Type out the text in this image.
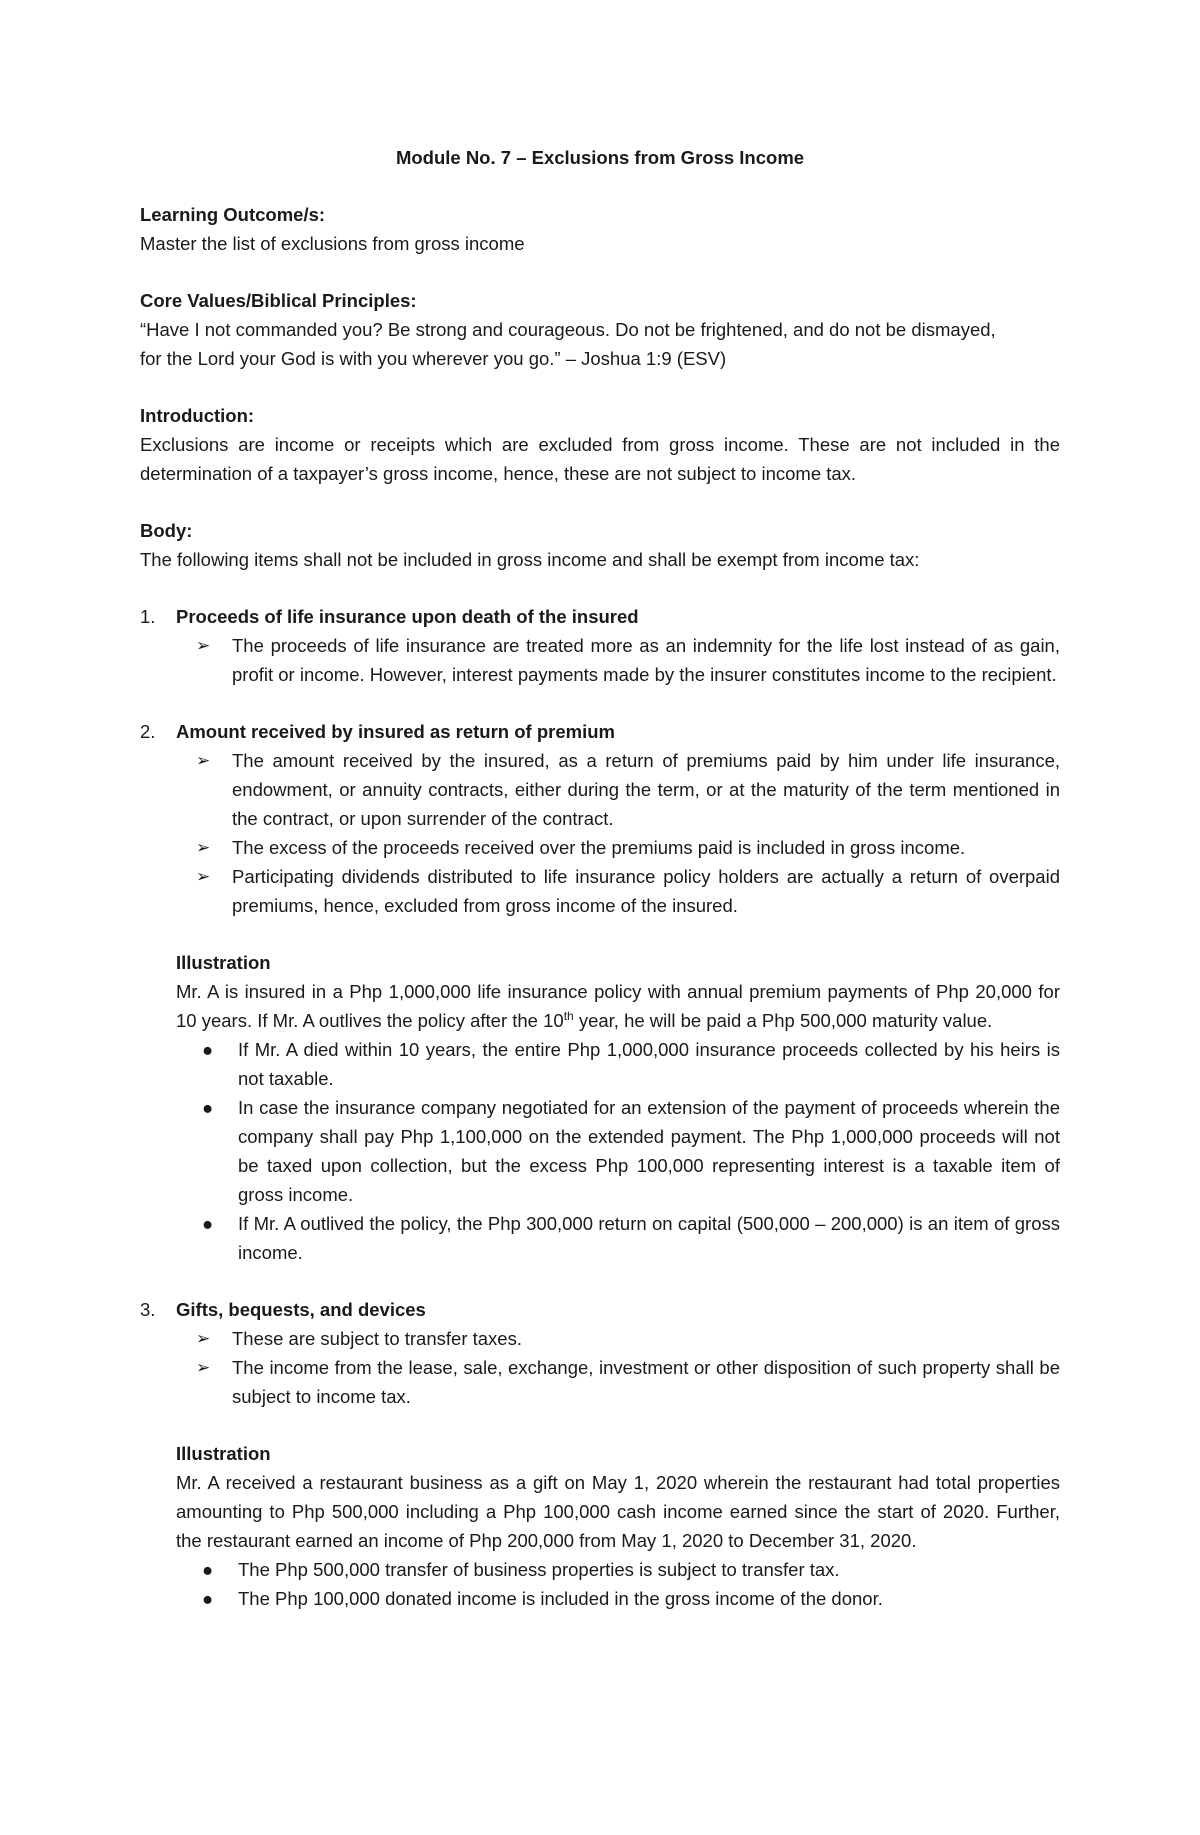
Module No. 7 – Exclusions from Gross Income

Learning Outcome/s:

Master the list of exclusions from gross income

Core Values/Biblical Principles:

“Have I not commanded you? Be strong and courageous. Do not be frightened, and do not be dismayed,

for the Lord your God is with you wherever you go.” – Joshua 1:9 (ESV)

Introduction:

Exclusions are income or receipts which are excluded from gross income. These are not included in the determination of a taxpayer’s gross income, hence, these are not subject to income tax.

Body:

The following items shall not be included in gross income and shall be exempt from income tax:

1.	Proceeds of life insurance upon death of the insured
➢	The proceeds of life insurance are treated more as an indemnity for the life lost instead of as gain, profit or income. However, interest payments made by the insurer constitutes income to the recipient.
2.	Amount received by insured as return of premium
➢	The amount received by the insured, as a return of premiums paid by him under life insurance, endowment, or annuity contracts, either during the term, or at the maturity of the term mentioned in the contract, or upon surrender of the contract.
➢	The excess of the proceeds received over the premiums paid is included in gross income.
➢	Participating dividends distributed to life insurance policy holders are actually a return of overpaid premiums, hence, excluded from gross income of the insured.

Illustration

Mr. A is insured in a Php 1,000,000 life insurance policy with annual premium payments of Php 20,000 for 10 years. If Mr. A outlives the policy after the 10th year, he will be paid a Php 500,000 maturity value.

●	If Mr. A died within 10 years, the entire Php 1,000,000 insurance proceeds collected by his heirs is not taxable.
●	In case the insurance company negotiated for an extension of the payment of proceeds wherein the company shall pay Php 1,100,000 on the extended payment. The Php 1,000,000 proceeds will not be taxed upon collection, but the excess Php 100,000 representing interest is a taxable item of gross income.
●	If Mr. A outlived the policy, the Php 300,000 return on capital (500,000 – 200,000) is an item of gross income.
3.	Gifts, bequests, and devices
➢	These are subject to transfer taxes.
➢	The income from the lease, sale, exchange, investment or other disposition of such property shall be subject to income tax.

Illustration

Mr. A received a restaurant business as a gift on May 1, 2020 wherein the restaurant had total properties amounting to Php 500,000 including a Php 100,000 cash income earned since the start of 2020. Further, the restaurant earned an income of Php 200,000 from May 1, 2020 to December 31, 2020.

●	The Php 500,000 transfer of business properties is subject to transfer tax.
●	The Php 100,000 donated income is included in the gross income of the donor.
